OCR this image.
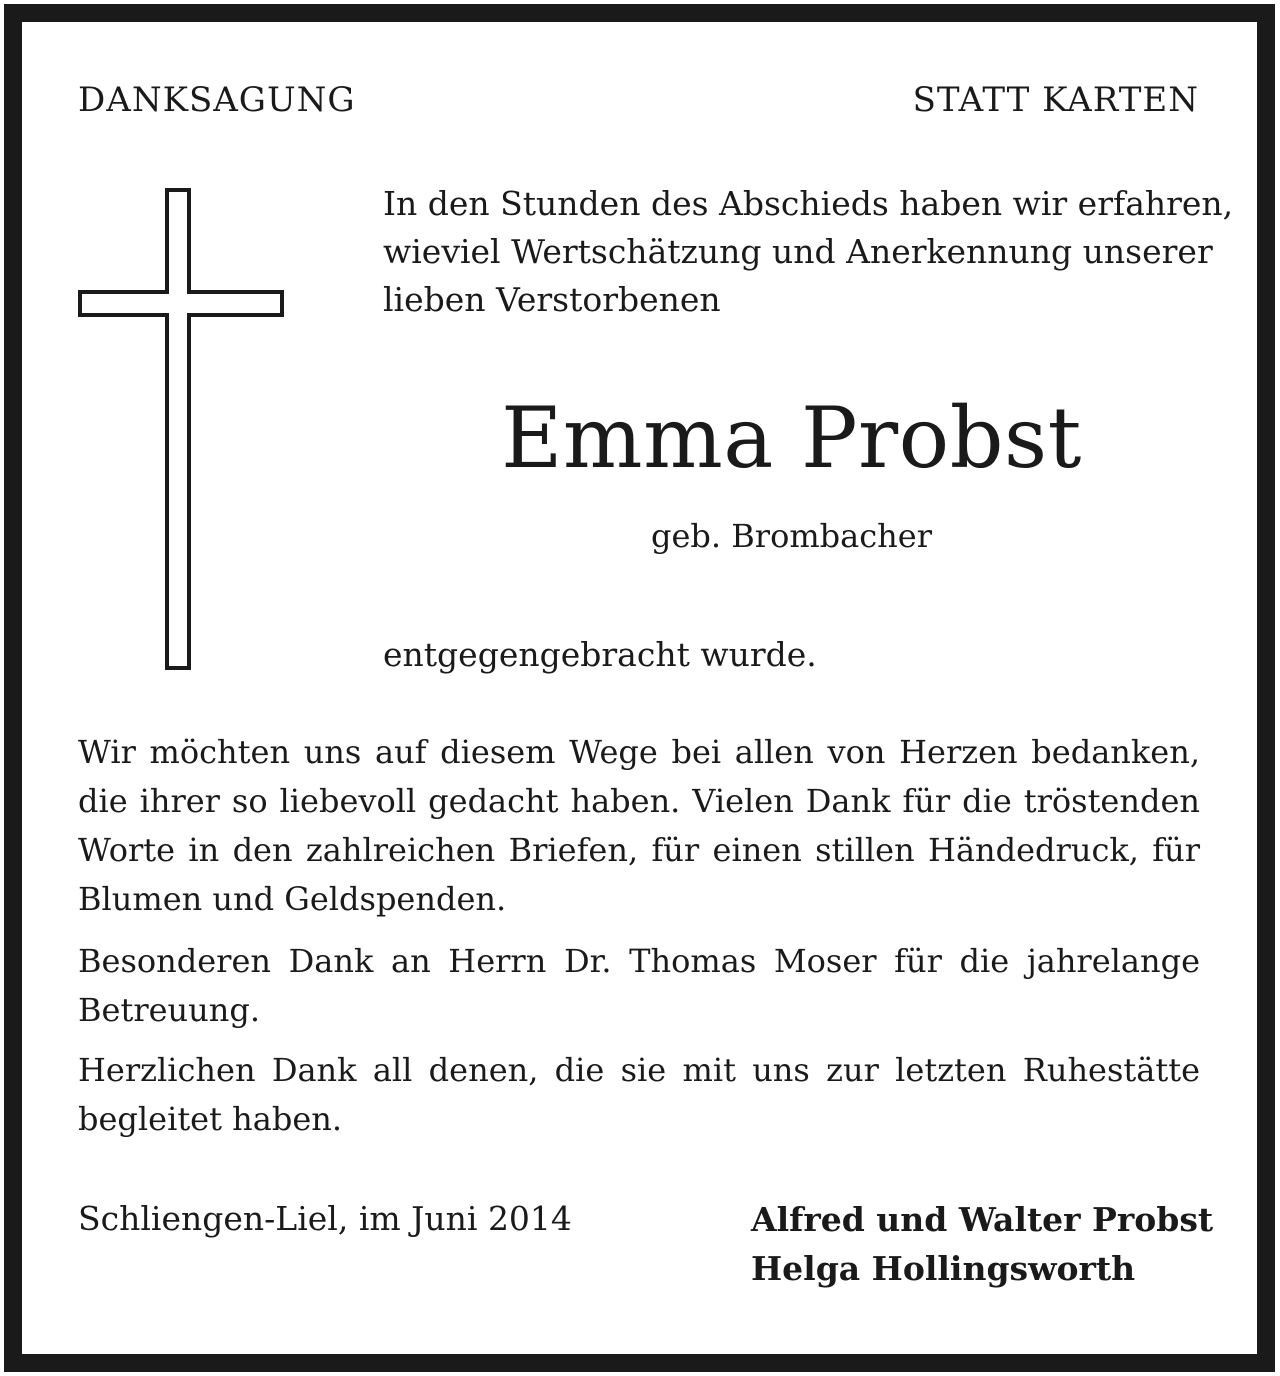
DANKSAGUNG	STATT KARTEN

In den Stunden des Abschieds haben wir erfahren,
wieviel Wertschätzung und Anerkennung unserer
lieben Verstorbenen

Emma Probst

geb. Brombacher

entgegengebracht wurde.

Wir möchten uns auf diesem Wege bei allen von Herzen bedanken, die ihrer so liebevoll gedacht haben. Vielen Dank für die tröstenden Worte in den zahlreichen Briefen, für einen stillen Händedruck, für Blumen und Geldspenden.

Besonderen Dank an Herrn Dr. Thomas Moser für die jahrelange Betreuung.

Herzlichen Dank all denen, die sie mit uns zur letzten Ruhestätte begleitet haben.

Schliengen-Liel, im Juni 2014	Alfred und Walter Probst
Helga Hollingsworth
